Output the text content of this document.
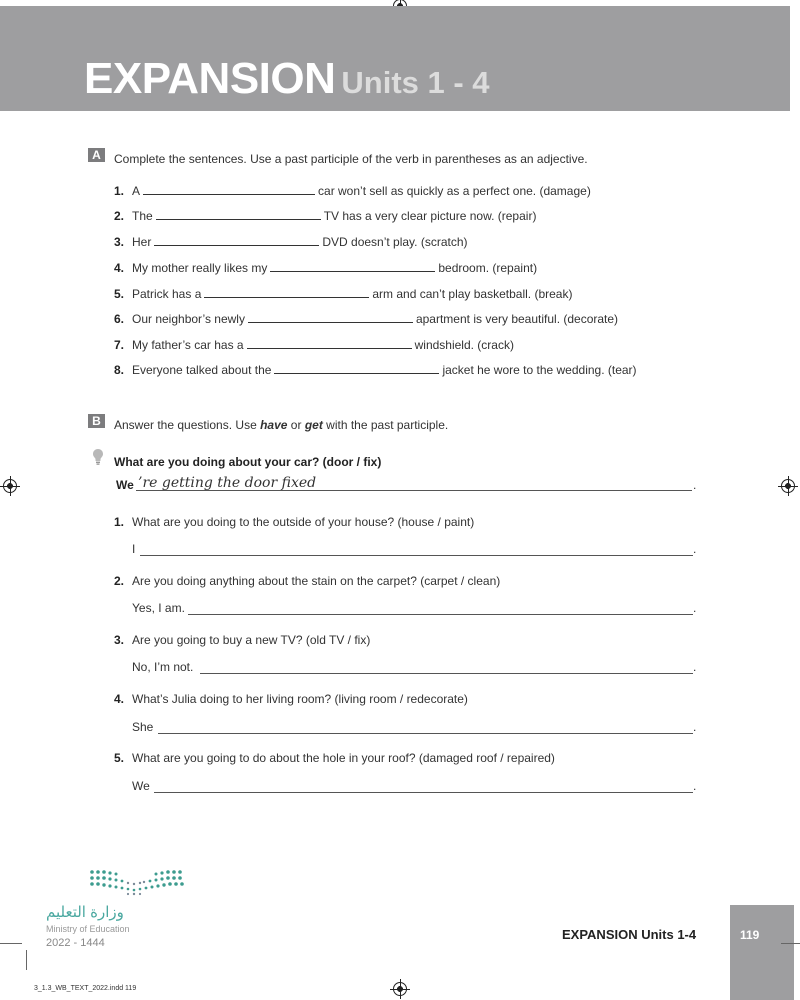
EXPANSION Units 1 - 4
A	Complete the sentences. Use a past participle of the verb in parentheses as an adjective.
1. A	car won’t sell as quickly as a perfect one. (damage)
2. The	TV has a very clear picture now. (repair)
3. Her	DVD doesn’t play. (scratch)
4. My mother really likes my	bedroom. (repaint)
5. Patrick has a	arm and can’t play basketball. (break)
6. Our neighbor’s newly	apartment is very beautiful. (decorate)
7. My father’s car has a	windshield. (crack)
8. Everyone talked about the	jacket he wore to the wedding. (tear)
B	Answer the questions. Use have or get with the past participle.
What are you doing about your car? (door / fix)
We ’re getting the door fixed	.
1. What are you doing to the outside of your house? (house / paint)
I	.
2. Are you doing anything about the stain on the carpet? (carpet / clean)
Yes, I am.	.
3. Are you going to buy a new TV? (old TV / fix)
No, I’m not.	.
4. What’s Julia doing to her living room? (living room / redecorate)
She	.
5. What are you going to do about the hole in your roof? (damaged roof / repaired)
We	.
وزارة التعليم
Ministry of Education
2022 - 1444
119
EXPANSION Units 1-4
3_1.3_WB_TEXT_2022.indd 119
